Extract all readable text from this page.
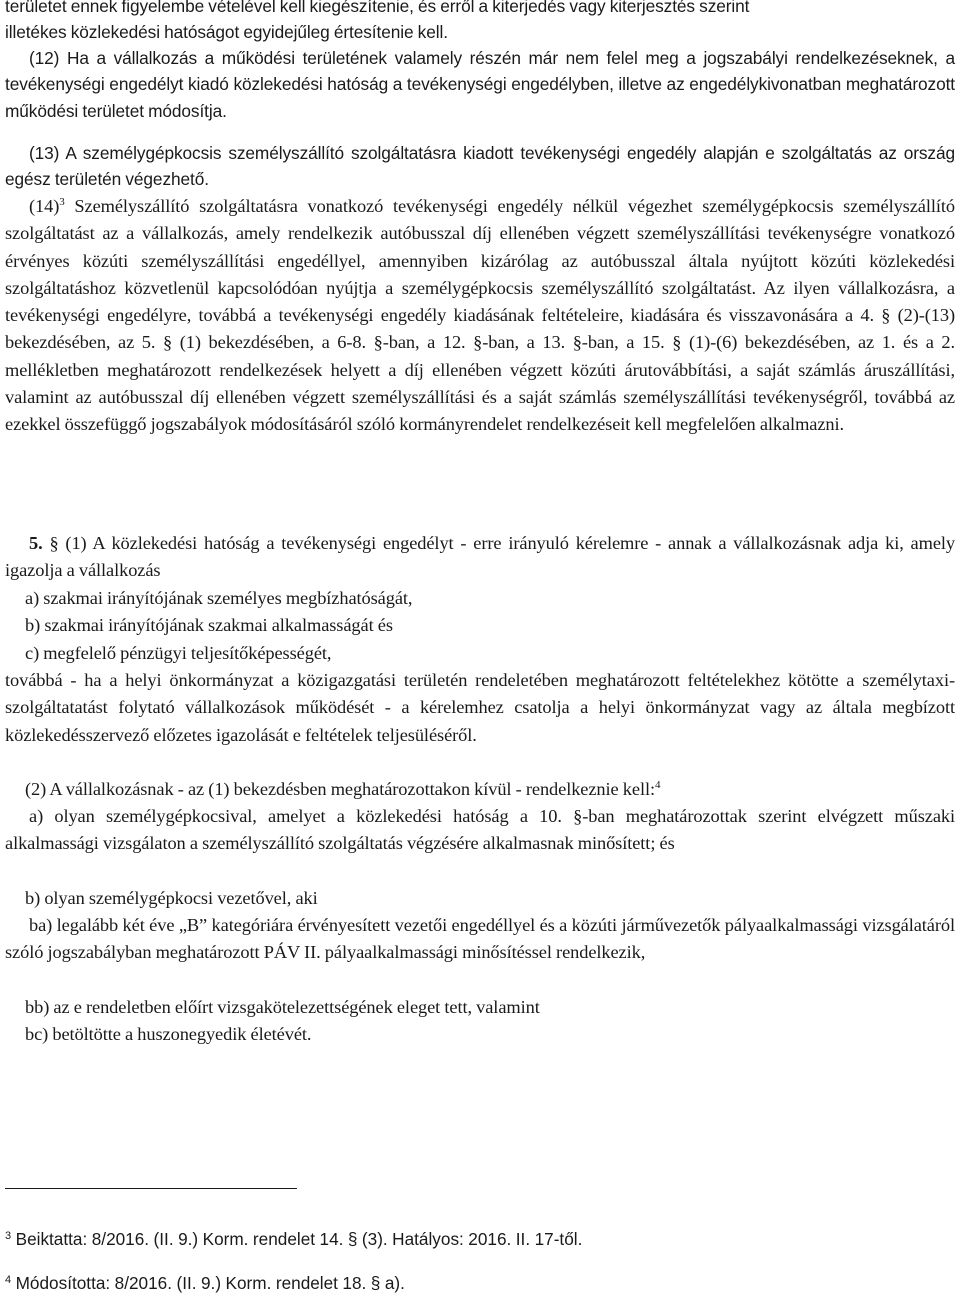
területet ennek figyelembe vételével kell kiegészítenie, és erről a kiterjedés vagy kiterjesztés szerint
illetékes közlekedési hatóságot egyidejűleg értesítenie kell.

(12) Ha a vállalkozás a működési területének valamely részén már nem felel meg a jogszabályi rendelkezéseknek, a tevékenységi engedélyt kiadó közlekedési hatóság a tevékenységi engedélyben, illetve az engedélykivonatban meghatározott működési területet módosítja.

(13) A személygépkocsis személyszállító szolgáltatásra kiadott tevékenységi engedély alapján e szolgáltatás az ország egész területén végezhető.

$(14)^3$ Személyszállító szolgáltatásra vonatkozó tevékenységi engedély nélkül végezhet személygépkocsis személyszállító szolgáltatást az a vállalkozás, amely rendelkezik autóbusszal díj ellenében végzett személyszállítási tevékenységre vonatkozó érvényes közúti személyszállítási engedéllyel, amennyiben kizárólag az autóbusszal általa nyújtott közúti közlekedési szolgáltatáshoz közvetlenül kapcsolódóan nyújtja a személygépkocsis személyszállító szolgáltatást. Az ilyen vállalkozásra, a tevékenységi engedélyre, továbbá a tevékenységi engedély kiadásának feltételeire, kiadására és visszavonására a 4. § (2)-(13) bekezdésében, az 5. § (1) bekezdésében, a 6-8. §-ban, a 12. §-ban, a 13. §-ban, a 15. § (1)-(6) bekezdésében, az 1. és a 2. mellékletben meghatározott rendelkezések helyett a díj ellenében végzett közúti árutovábbítási, a saját számlás áruszállítási, valamint az autóbusszal díj ellenében végzett személyszállítási és a saját számlás személyszállítási tevékenységről, továbbá az ezekkel összefüggő jogszabályok módosításáról szóló kormányrendelet rendelkezéseit kell megfelelően alkalmazni.

5. § (1) A közlekedési hatóság a tevékenységi engedélyt - erre irányuló kérelemre - annak a vállalkozásnak adja ki, amely igazolja a vállalkozás

a) szakmai irányítójának személyes megbízhatóságát,
b) szakmai irányítójának szakmai alkalmasságát és
c) megfelelő pénzügyi teljesítőképességét,

továbbá - ha a helyi önkormányzat a közigazgatási területén rendeletében meghatározott feltételekhez kötötte a személytaxi-szolgáltatatást folytató vállalkozások működését - a kérelemhez csatolja a helyi önkormányzat vagy az általa megbízott közlekedésszervező előzetes igazolását e feltételek teljesüléséről.

(2) A vállalkozásnak - az (1) bekezdésben meghatározottakon kívül - rendelkeznie kell:$^4$

a) olyan személygépkocsival, amelyet a közlekedési hatóság a 10. §-ban meghatározottak szerint elvégzett műszaki alkalmassági vizsgálaton a személyszállító szolgáltatás végzésére alkalmasnak minősített; és

b) olyan személygépkocsi vezetővel, aki

ba) legalább két éve „B” kategóriára érvényesített vezetői engedéllyel és a közúti járművezetők pályaalkalmassági vizsgálatáról szóló jogszabályban meghatározott PÁV II. pályaalkalmassági minősítéssel rendelkezik,

bb) az e rendeletben előírt vizsgakötelezettségének eleget tett, valamint
bc) betöltötte a huszonegyedik életévét.
$^3$ Beiktatta: 8/2016. (II. 9.) Korm. rendelet 14. § (3). Hatályos: 2016. II. 17-től.
$^4$ Módosította: 8/2016. (II. 9.) Korm. rendelet 18. § a).
